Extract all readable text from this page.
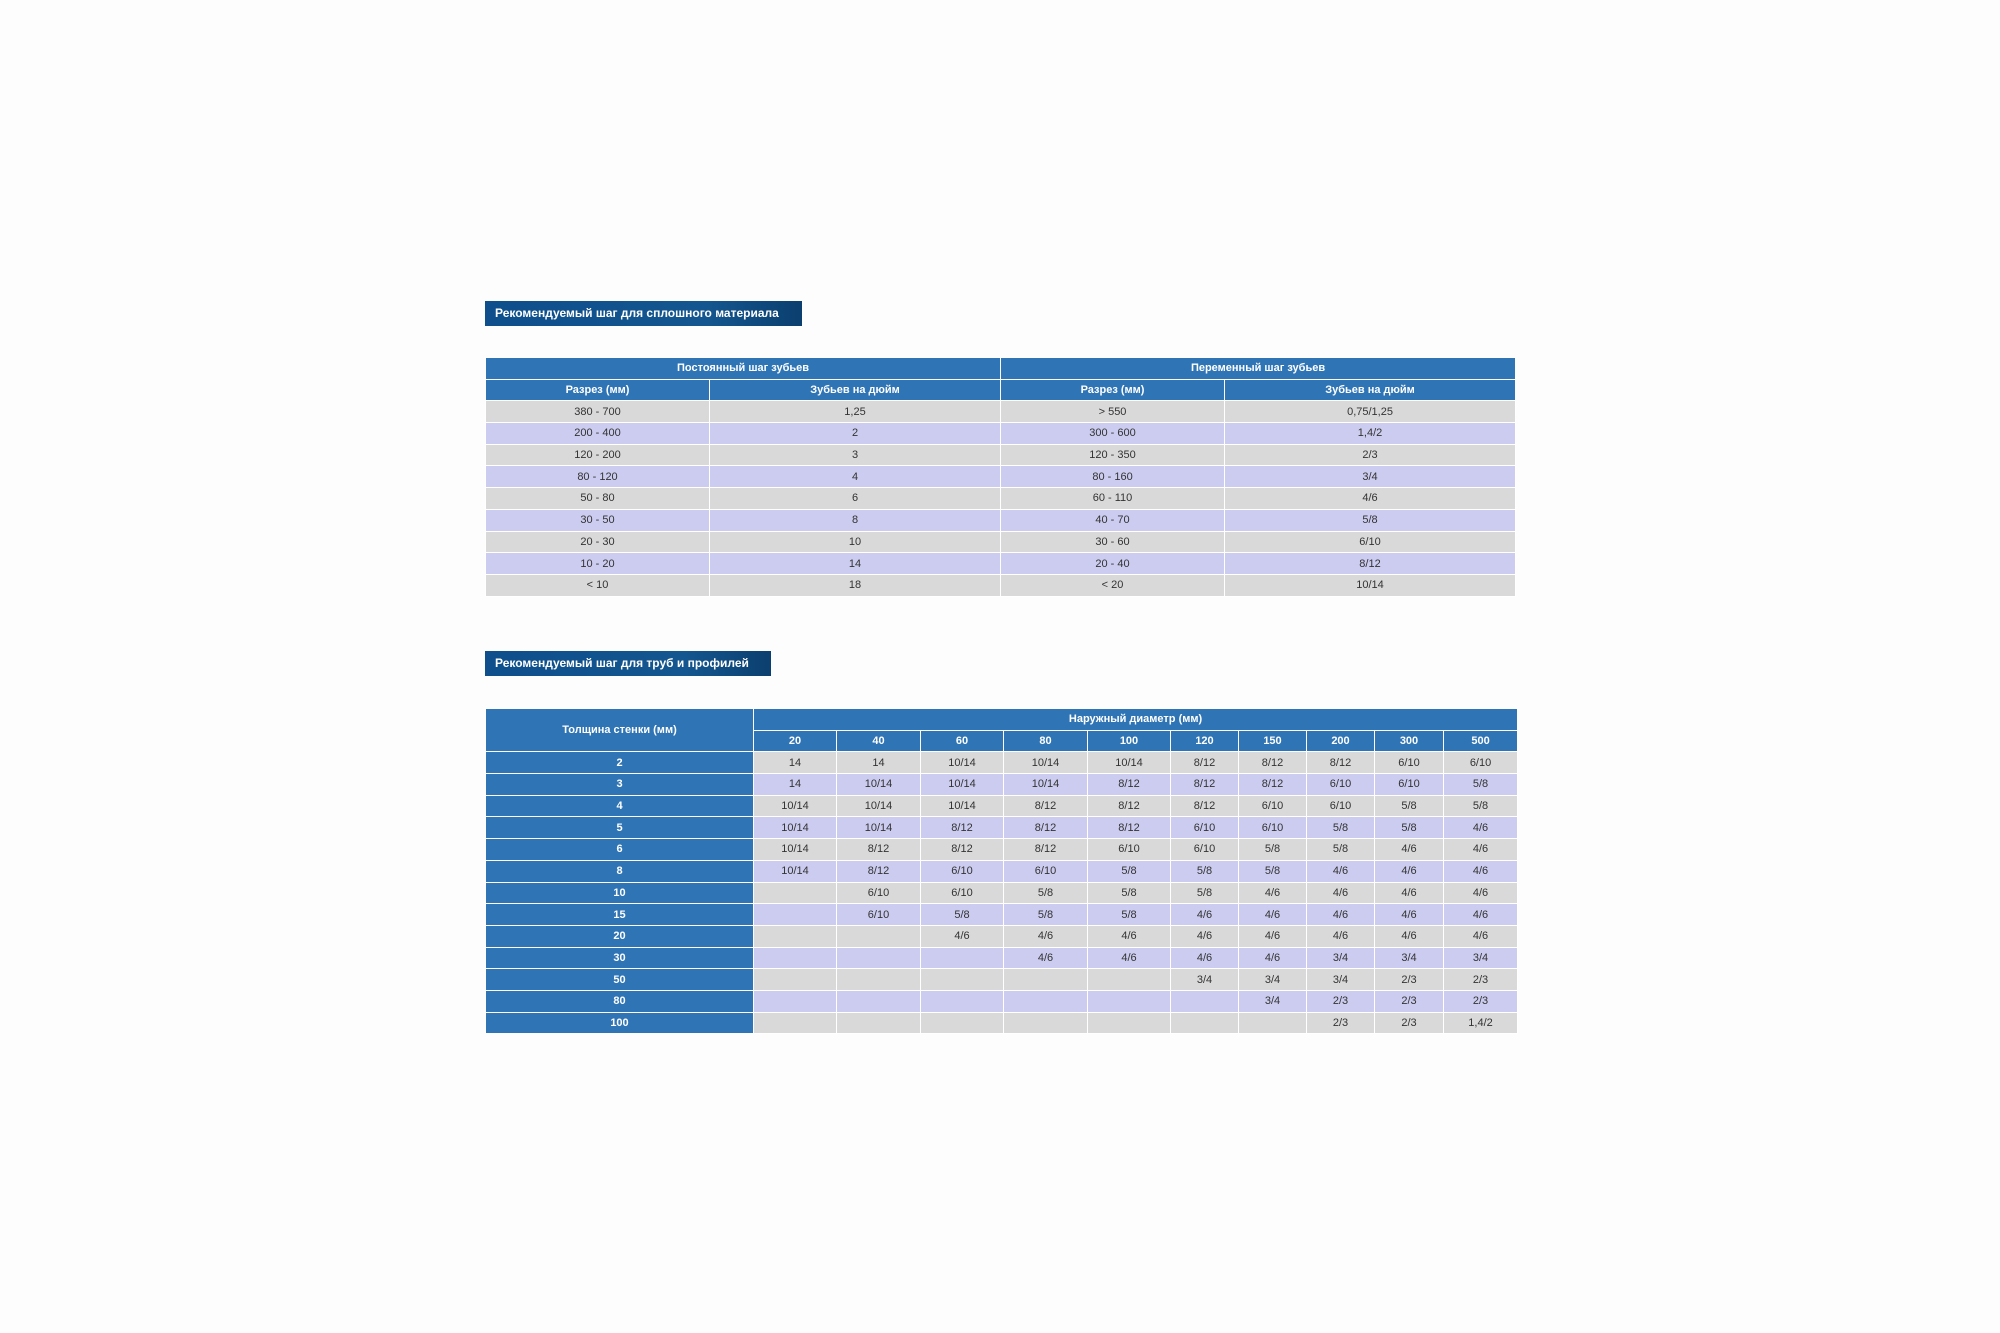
Рекомендуемый шаг для сплошного материала
Постоянный шаг зубьев		Переменный шаг зубьев	
Разрез (мм)	Зубьев на дюйм	Разрез (мм)	Зубьев на дюйм
380 - 700	1,25	> 550	0,75/1,25
200 - 400	2	300 - 600	1,4/2
120 - 200	3	120 - 350	2/3
80 - 120	4	80 - 160	3/4
50 - 80	6	60 - 110	4/6
30 - 50	8	40 - 70	5/8
20 - 30	10	30 - 60	6/10
10 - 20	14	20 - 40	8/12
< 10	18	< 20	10/14
Рекомендуемый шаг для труб и профилей
Толщина стенки (мм)	Наружный диаметр (мм)									
	20	40	60	80	100	120	150	200	300	500
2	14	14	10/14	10/14	10/14	8/12	8/12	8/12	6/10	6/10
3	14	10/14	10/14	10/14	8/12	8/12	8/12	6/10	6/10	5/8
4	10/14	10/14	10/14	8/12	8/12	8/12	6/10	6/10	5/8	5/8
5	10/14	10/14	8/12	8/12	8/12	6/10	6/10	5/8	5/8	4/6
6	10/14	8/12	8/12	8/12	6/10	6/10	5/8	5/8	4/6	4/6
8	10/14	8/12	6/10	6/10	5/8	5/8	5/8	4/6	4/6	4/6
10		6/10	6/10	5/8	5/8	5/8	4/6	4/6	4/6	4/6
15		6/10	5/8	5/8	5/8	4/6	4/6	4/6	4/6	4/6
20			4/6	4/6	4/6	4/6	4/6	4/6	4/6	4/6
30				4/6	4/6	4/6	4/6	3/4	3/4	3/4
50						3/4	3/4	3/4	2/3	2/3
80							3/4	2/3	2/3	2/3
100								2/3	2/3	1,4/2
